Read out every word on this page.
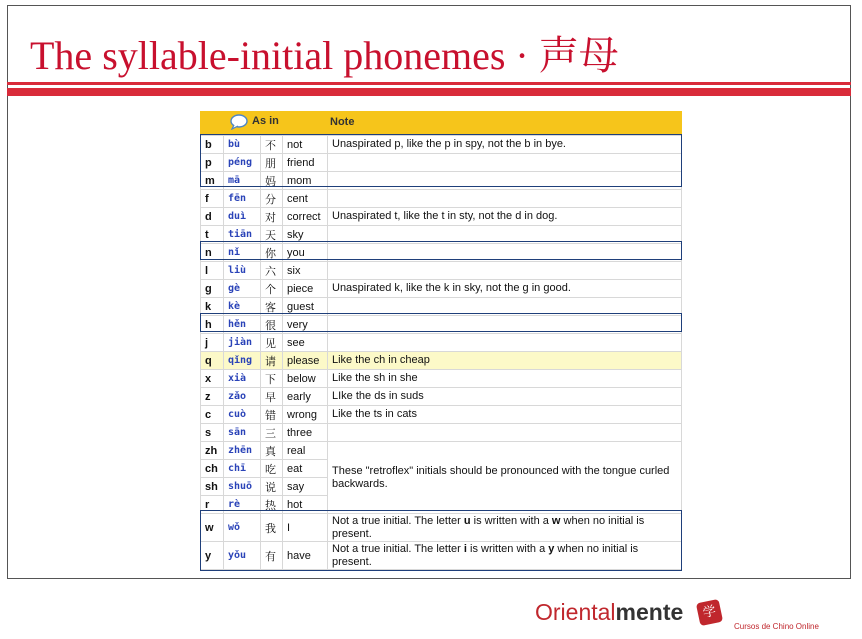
The syllable-initial phonemes · 声母
As in	Note
b	bù	不	not	Unaspirated p, like the p in spy, not the b in bye.
p	péng	朋	friend	
m	mā	妈	mom	
f	fēn	分	cent	
d	duì	对	correct	Unaspirated t, like the t in sty, not the d in dog.
t	tiān	天	sky	
n	nǐ	你	you	
l	liù	六	six	
g	gè	个	piece	Unaspirated k, like the k in sky, not the g in good.
k	kè	客	guest	
h	hěn	很	very	
j	jiàn	见	see	
q	qǐng	请	please	Like the ch in cheap
x	xià	下	below	Like the sh in she
z	zǎo	早	early	LIke the ds in suds
c	cuò	错	wrong	Like the ts in cats
s	sān	三	three	
zh	zhēn	真	real	These "retroflex" initials should be pronounced with the tongue curled backwards.
ch	chī	吃	eat	
sh	shuō	说	say	
r	rè	热	hot	
w	wǒ	我	I	Not a true initial. The letter u is written with a w when no initial is present.
y	yǒu	有	have	Not a true initial. The letter i is written with a y when no initial is present.
Orientalmente	学
Cursos de Chino Online
